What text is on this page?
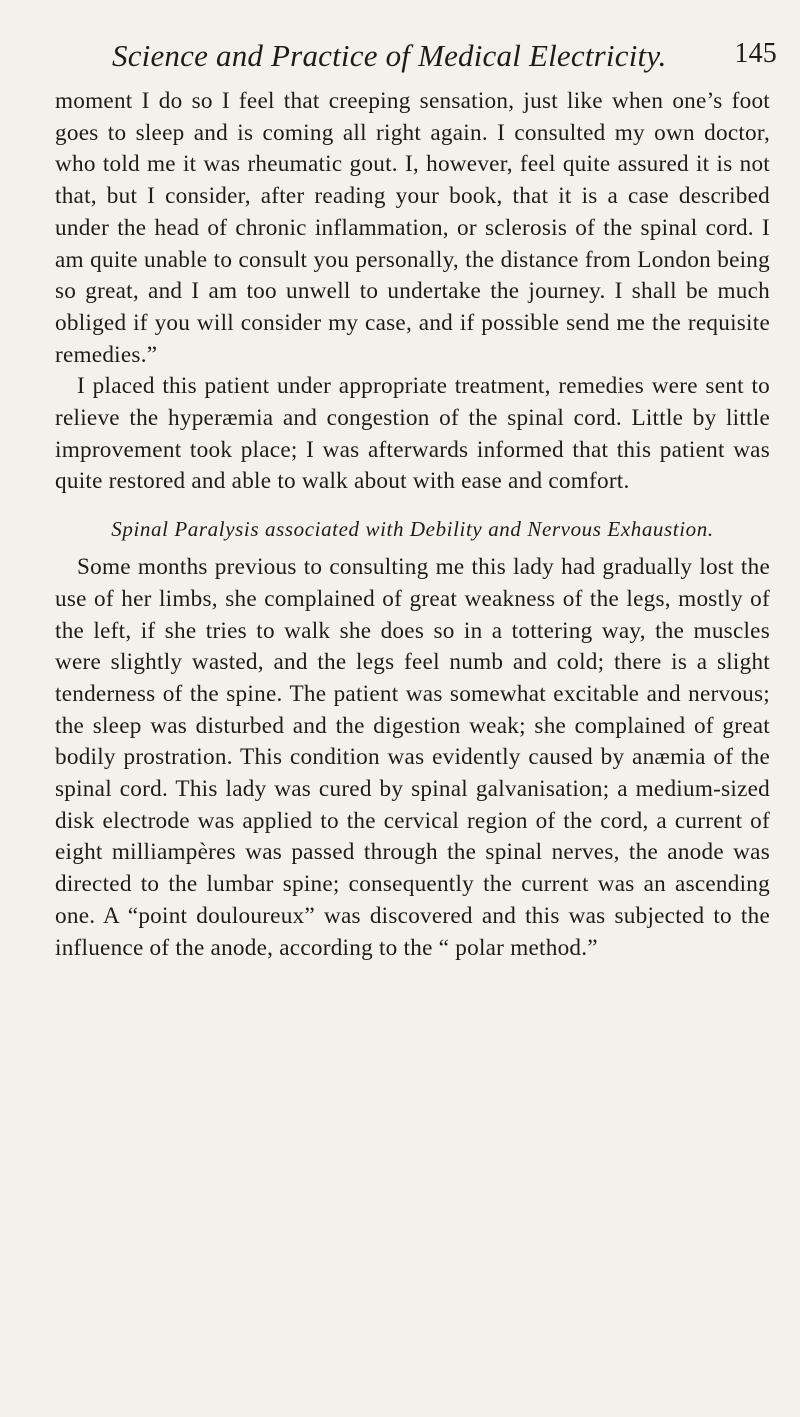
Science and Practice of Medical Electricity. 145

moment I do so I feel that creeping sensation, just like when one’s foot goes to sleep and is coming all right again. I consulted my own doctor, who told me it was rheumatic gout. I, however, feel quite assured it is not that, but I consider, after reading your book, that it is a case described under the head of chronic inflammation, or sclerosis of the spinal cord. I am quite unable to consult you personally, the distance from London being so great, and I am too unwell to undertake the journey. I shall be much obliged if you will consider my case, and if possible send me the requisite remedies.”

I placed this patient under appropriate treatment, remedies were sent to relieve the hyperæmia and congestion of the spinal cord. Little by little improvement took place; I was afterwards informed that this patient was quite restored and able to walk about with ease and comfort.

Spinal Paralysis associated with Debility and Nervous Exhaustion.

Some months previous to consulting me this lady had gradually lost the use of her limbs, she complained of great weakness of the legs, mostly of the left, if she tries to walk she does so in a tottering way, the muscles were slightly wasted, and the legs feel numb and cold; there is a slight tenderness of the spine. The patient was somewhat excitable and nervous; the sleep was disturbed and the digestion weak; she complained of great bodily prostration. This condition was evidently caused by anæmia of the spinal cord. This lady was cured by spinal galvanisation; a medium-sized disk electrode was applied to the cervical region of the cord, a current of eight milliampères was passed through the spinal nerves, the anode was directed to the lumbar spine; consequently the current was an ascending one. A “point douloureux” was discovered and this was subjected to the influence of the anode, according to the “ polar method.”
